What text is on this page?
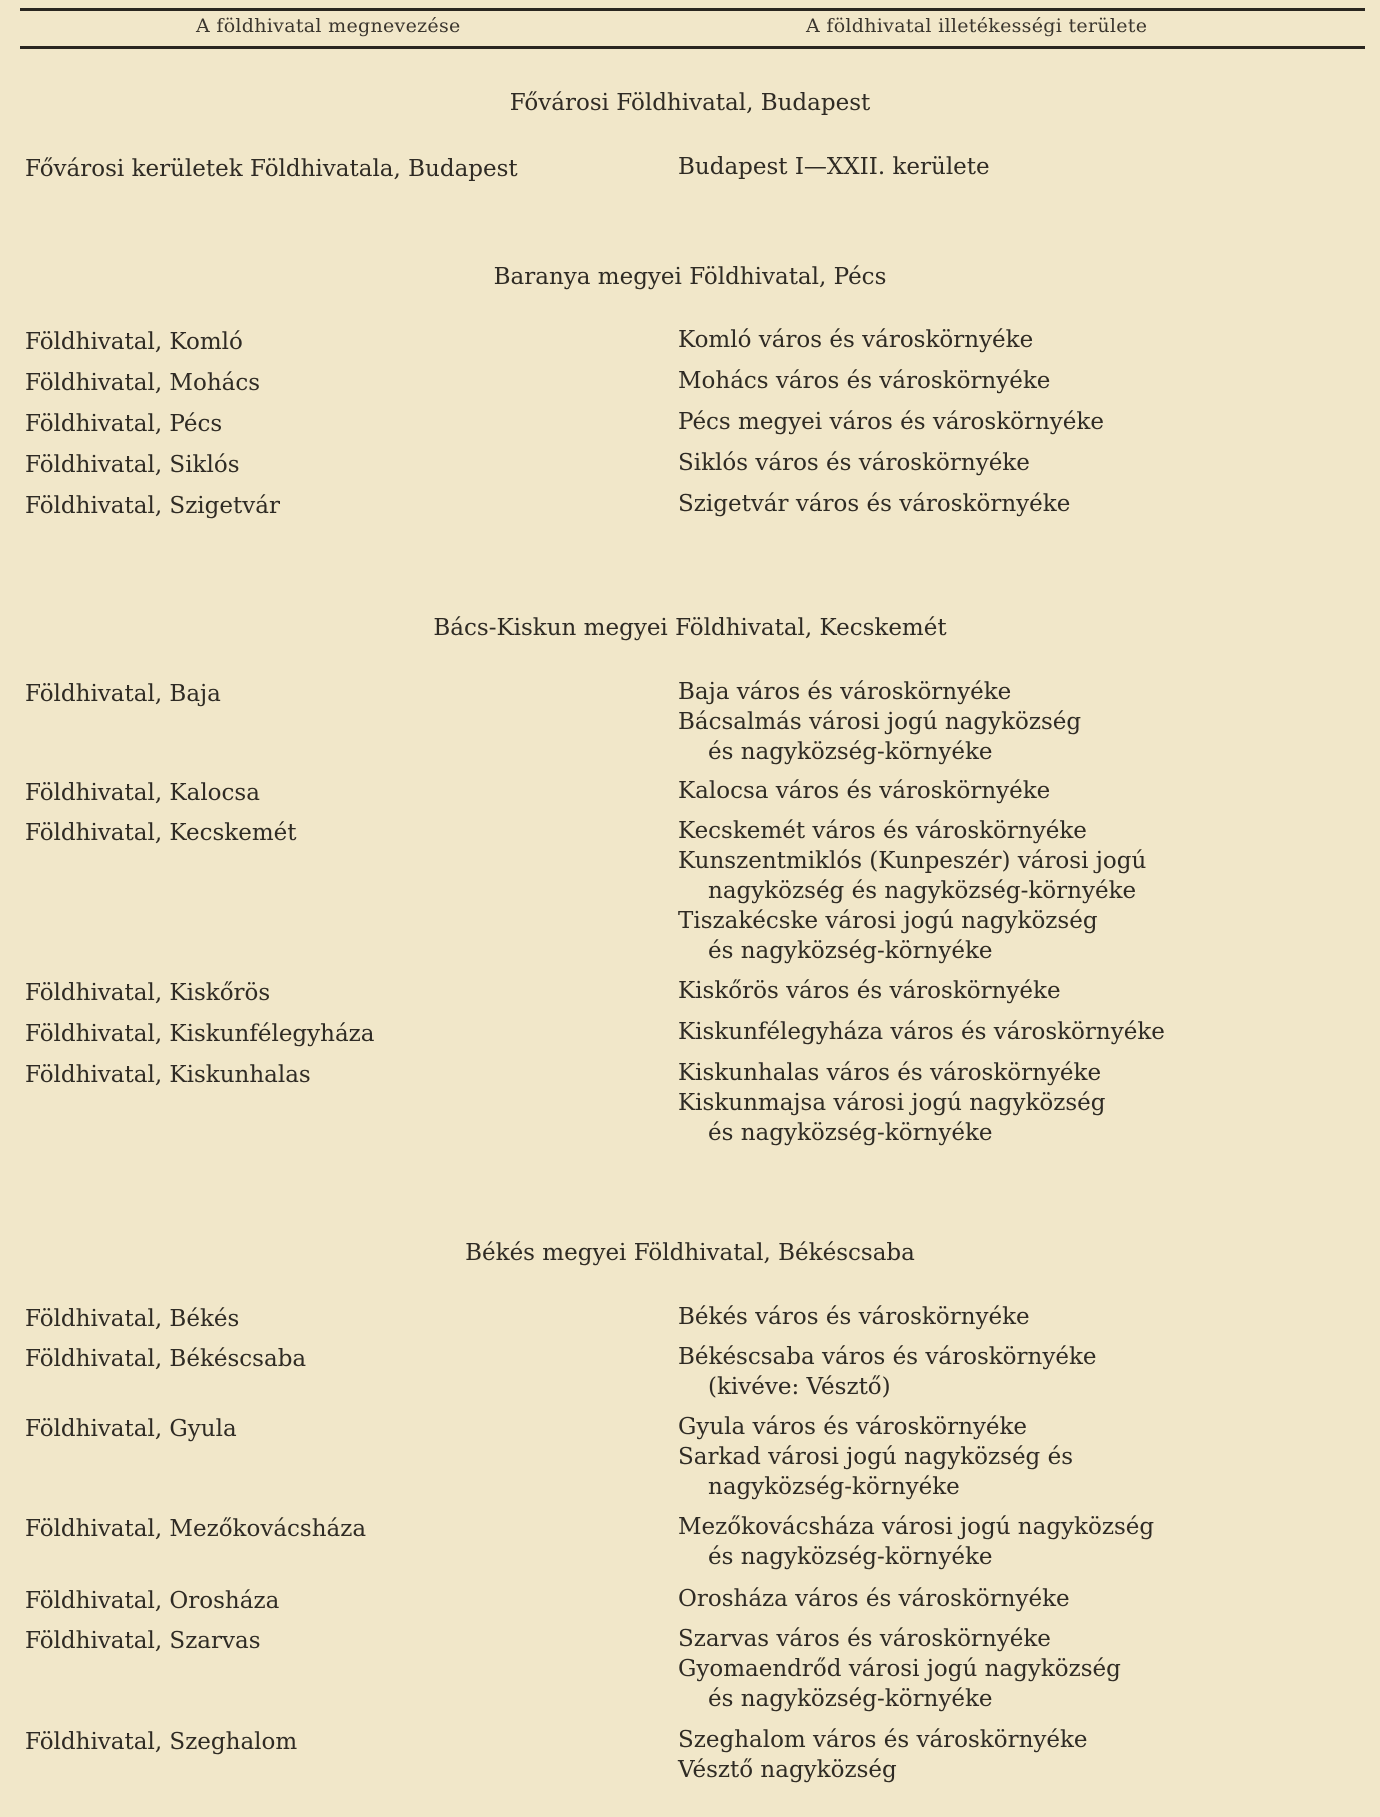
A földhivatal megnevezése	A földhivatal illetékességi területe
Fővárosi Földhivatal, Budapest
Fővárosi kerületek Földhivatala, Budapest	Budapest I—XXII. kerülete
Baranya megyei Földhivatal, Pécs
Földhivatal, Komló	Komló város és városkörnyéke
Földhivatal, Mohács	Mohács város és városkörnyéke
Földhivatal, Pécs	Pécs megyei város és városkörnyéke
Földhivatal, Siklós	Siklós város és városkörnyéke
Földhivatal, Szigetvár	Szigetvár város és városkörnyéke
Bács-Kiskun megyei Földhivatal, Kecskemét
Földhivatal, Baja	Baja város és városkörnyéke
Bácsalmás városi jogú nagyközség
és nagyközség-környéke
Földhivatal, Kalocsa	Kalocsa város és városkörnyéke
Földhivatal, Kecskemét	Kecskemét város és városkörnyéke
Kunszentmiklós (Kunpeszér) városi jogú
nagyközség és nagyközség-környéke
Tiszakécske városi jogú nagyközség
és nagyközség-környéke
Földhivatal, Kiskőrös	Kiskőrös város és városkörnyéke
Földhivatal, Kiskunfélegyháza	Kiskunfélegyháza város és városkörnyéke
Földhivatal, Kiskunhalas	Kiskunhalas város és városkörnyéke
Kiskunmajsa városi jogú nagyközség
és nagyközség-környéke
Békés megyei Földhivatal, Békéscsaba
Földhivatal, Békés	Békés város és városkörnyéke
Földhivatal, Békéscsaba	Békéscsaba város és városkörnyéke
(kivéve: Vésztő)
Földhivatal, Gyula	Gyula város és városkörnyéke
Sarkad városi jogú nagyközség és
nagyközség-környéke
Földhivatal, Mezőkovácsháza	Mezőkovácsháza városi jogú nagyközség
és nagyközség-környéke
Földhivatal, Orosháza	Orosháza város és városkörnyéke
Földhivatal, Szarvas	Szarvas város és városkörnyéke
Gyomaendrőd városi jogú nagyközség
és nagyközség-környéke
Földhivatal, Szeghalom	Szeghalom város és városkörnyéke
Vésztő nagyközség
